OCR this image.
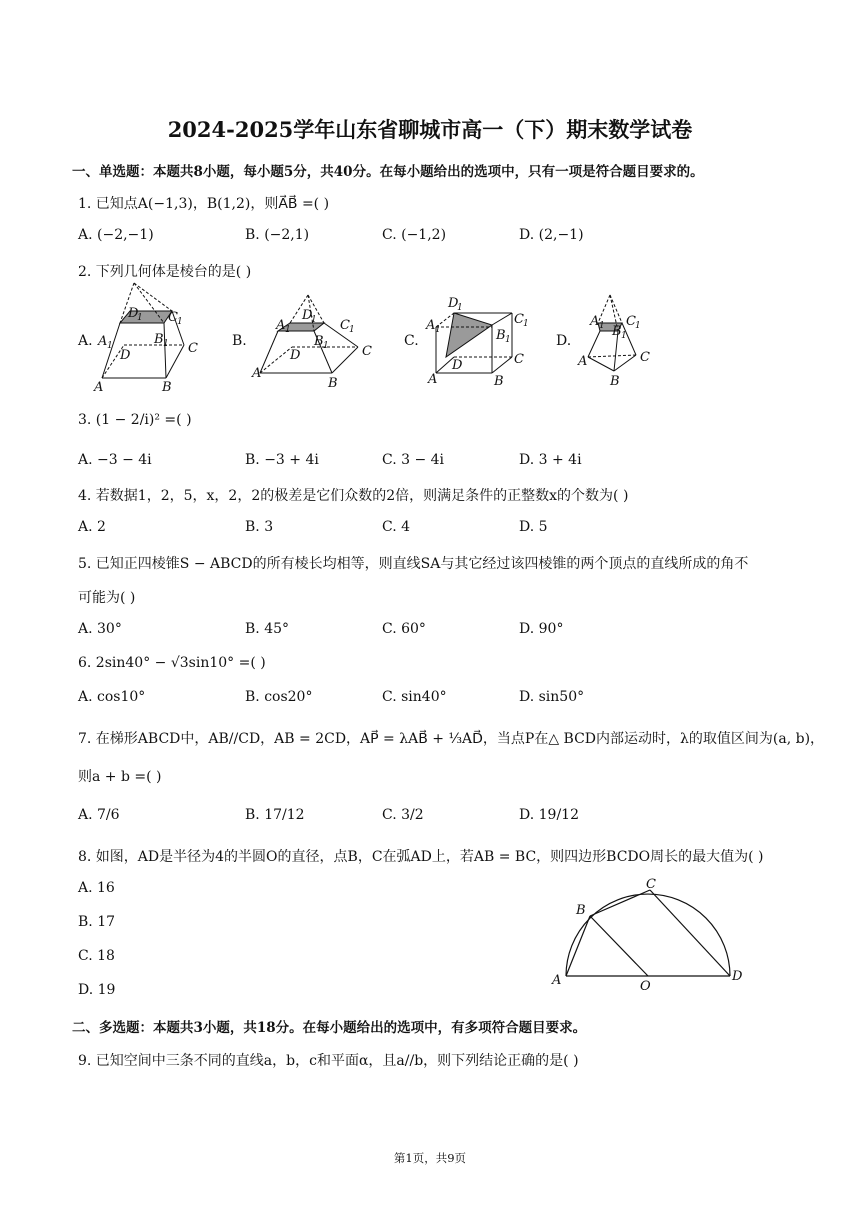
2024-2025学年山东省聊城市高一（下）期末数学试卷
一、单选题：本题共8小题，每小题5分，共40分。在每小题给出的选项中，只有一项是符合题目要求的。
1. 已知点A(−1,3)，B(1,2)，则A⃗B⃗ =( )
A. (−2,−1)	B. (−2,1)	C. (−1,2)	D. (2,−1)
2. 下列几何体是棱台的是( )
A.	B.	C.	D.
A 1
D
1 C 1
B 1
D	C
A	B
A 1
D
1 C 1
B 1
D	C
A
B
D
1
A 1
C 1
B 1
D	C
A	B
A 1 B 1
C 1
A	C
B
3. (1 − 2/i)² =( )
A. −3 − 4i	B. −3 + 4i	C. 3 − 4i	D. 3 + 4i
4. 若数据1，2，5，x，2，2的极差是它们众数的2倍，则满足条件的正整数x的个数为( )
A. 2	B. 3	C. 4	D. 5
5. 已知正四棱锥S − ABCD的所有棱长均相等，则直线SA与其它经过该四棱锥的两个顶点的直线所成的角不
可能为( )
A. 30°	B. 45°	C. 60°	D. 90°
6. 2sin40° − √3sin10° =( )
A. cos10°	B. cos20°	C. sin40°	D. sin50°
7. 在梯形ABCD中，AB//CD，AB = 2CD，AP⃗ = λAB⃗ + ⅓AD⃗，当点P在△ BCD内部运动时，λ的取值区间为(a, b)，
则a + b =( )
A. 7/6	B. 17/12	C. 3/2	D. 19/12
8. 如图，AD是半径为4的半圆O的直径，点B，C在弧AD上，若AB = BC，则四边形BCDO周长的最大值为( )
A. 16
B. 17
C. 18
D. 19
A
B
C
D
O
二、多选题：本题共3小题，共18分。在每小题给出的选项中，有多项符合题目要求。
9. 已知空间中三条不同的直线a，b，c和平面α，且a//b，则下列结论正确的是( )
第1页，共9页
